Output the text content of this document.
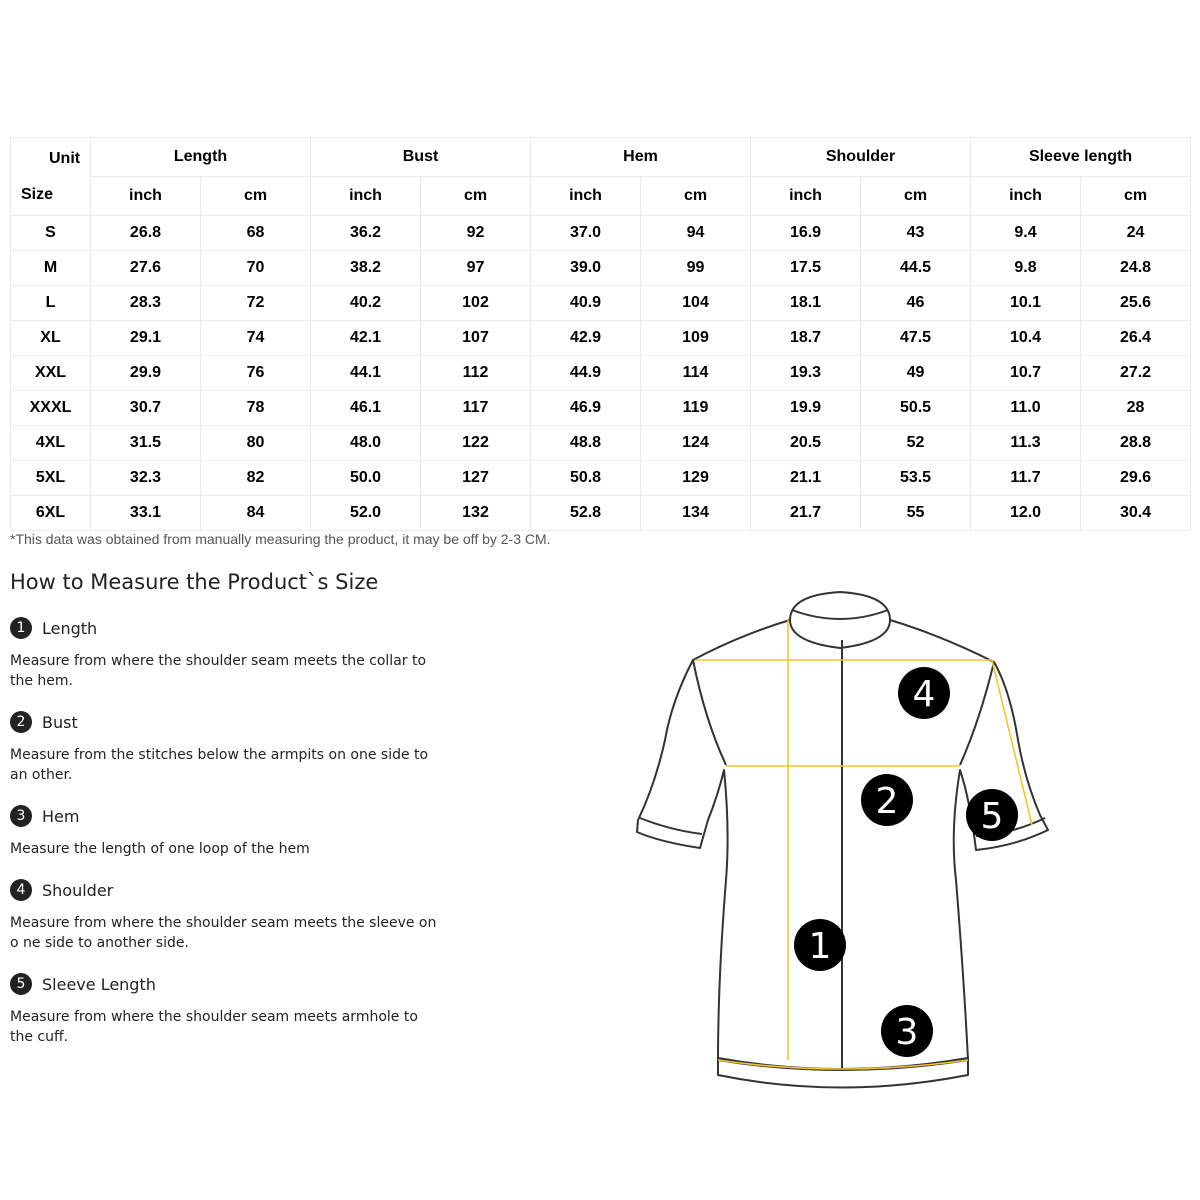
Unit
Size	Length		Bust		Hem		Shoulder		Sleeve length	
	inch	cm	inch	cm	inch	cm	inch	cm	inch	cm
S	26.8	68	36.2	92	37.0	94	16.9	43	9.4	24
M	27.6	70	38.2	97	39.0	99	17.5	44.5	9.8	24.8
L	28.3	72	40.2	102	40.9	104	18.1	46	10.1	25.6
XL	29.1	74	42.1	107	42.9	109	18.7	47.5	10.4	26.4
XXL	29.9	76	44.1	112	44.9	114	19.3	49	10.7	27.2
XXXL	30.7	78	46.1	117	46.9	119	19.9	50.5	11.0	28
4XL	31.5	80	48.0	122	48.8	124	20.5	52	11.3	28.8
5XL	32.3	82	50.0	127	50.8	129	21.1	53.5	11.7	29.6
6XL	33.1	84	52.0	132	52.8	134	21.7	55	12.0	30.4
*This data was obtained from manually measuring the product, it may be off by 2-3 CM.
How to Measure the Product`s Size
1	Length
Measure from where the shoulder seam meets the collar to the hem.
2	Bust
Measure from the stitches below the armpits on one side to an other.
3	Hem
Measure the length of one loop of the hem
4	Shoulder
Measure from where the shoulder seam meets the sleeve on o ne side to another side.
5	Sleeve Length
Measure from where the shoulder seam meets armhole to the cuff.
1
2
3
4
5
